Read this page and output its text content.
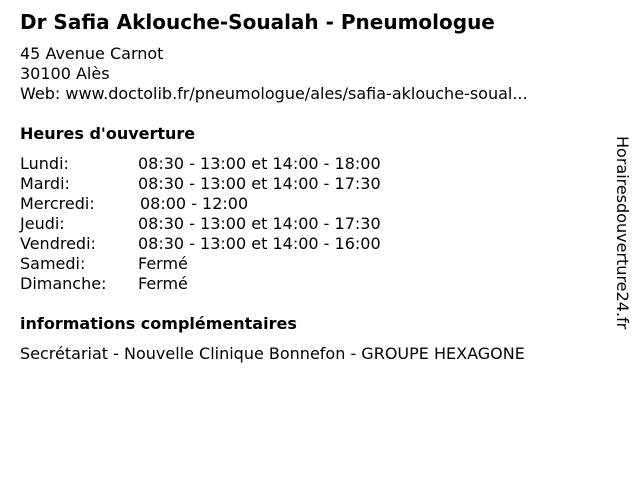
Dr Safia Aklouche-Soualah - Pneumologue
45 Avenue Carnot
30100 Alès
Web: www.doctolib.fr/pneumologue/ales/safia-aklouche-soual...
Heures d'ouverture
Lundi:	08:30 - 13:00 et 14:00 - 18:00
Mardi:	08:30 - 13:00 et 14:00 - 17:30
Mercredi:	08:00 - 12:00
Jeudi:	08:30 - 13:00 et 14:00 - 17:30
Vendredi:	08:30 - 13:00 et 14:00 - 16:00
Samedi:	Fermé
Dimanche: Fermé
informations complémentaires
Secrétariat - Nouvelle Clinique Bonnefon - GROUPE HEXAGONE
Horairesdouverture24.fr
